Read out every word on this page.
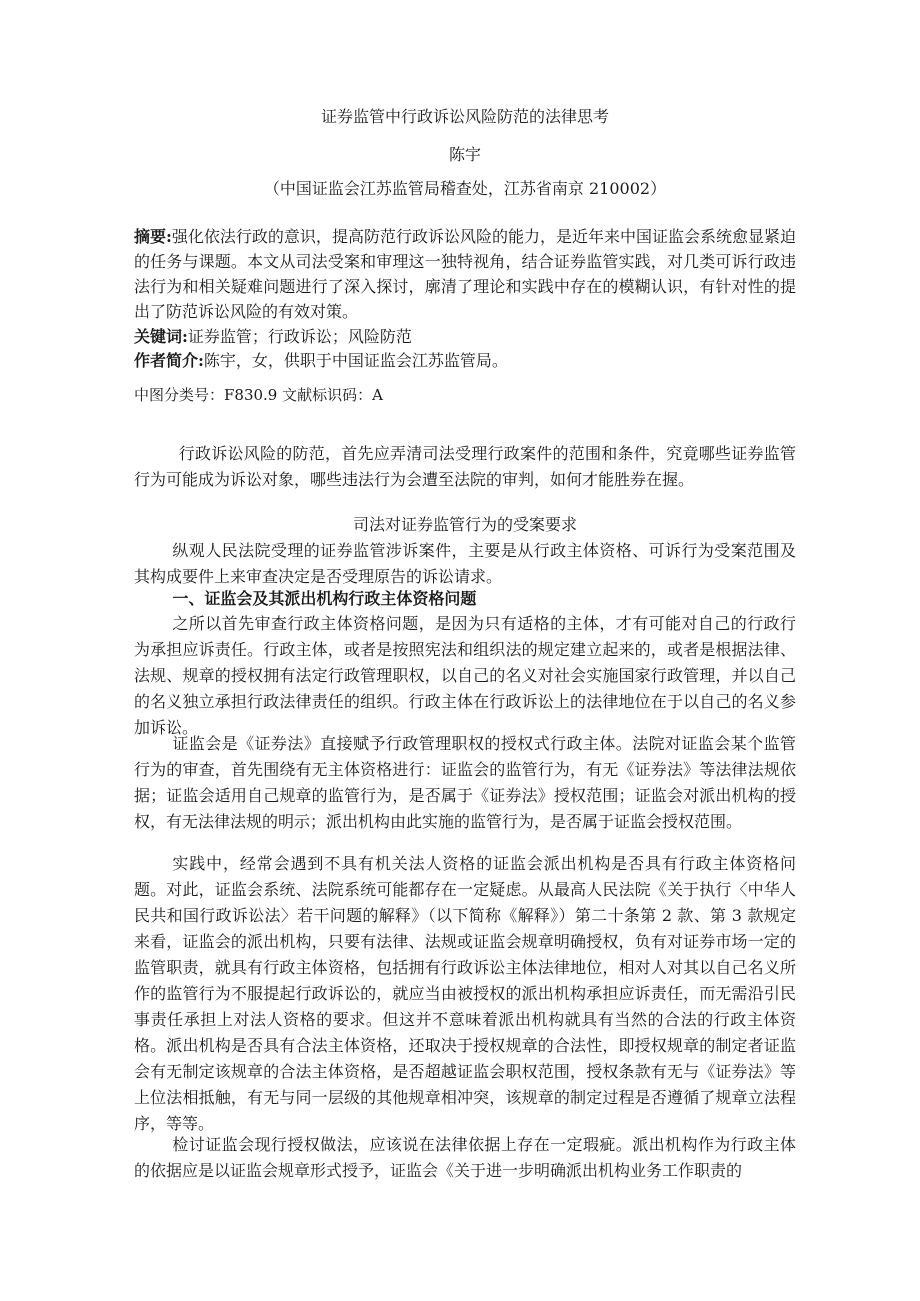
证券监管中行政诉讼风险防范的法律思考
陈宇
（中国证监会江苏监管局稽查处，江苏省南京 210002）
摘要:强化依法行政的意识，提高防范行政诉讼风险的能力，是近年来中国证监会系统愈显紧迫的任务与课题。本文从司法受案和审理这一独特视角，结合证券监管实践，对几类可诉行政违法行为和相关疑难问题进行了深入探讨，廓清了理论和实践中存在的模糊认识，有针对性的提出了防范诉讼风险的有效对策。
关键词:证券监管；行政诉讼；风险防范
作者简介:陈宇，女，供职于中国证监会江苏监管局。
中图分类号：F830.9 文献标识码：A
行政诉讼风险的防范，首先应弄清司法受理行政案件的范围和条件，究竟哪些证券监管行为可能成为诉讼对象，哪些违法行为会遭至法院的审判，如何才能胜券在握。
司法对证券监管行为的受案要求
纵观人民法院受理的证券监管涉诉案件，主要是从行政主体资格、可诉行为受案范围及其构成要件上来审查决定是否受理原告的诉讼请求。
一、证监会及其派出机构行政主体资格问题
之所以首先审查行政主体资格问题，是因为只有适格的主体，才有可能对自己的行政行为承担应诉责任。行政主体，或者是按照宪法和组织法的规定建立起来的，或者是根据法律、法规、规章的授权拥有法定行政管理职权，以自己的名义对社会实施国家行政管理，并以自己的名义独立承担行政法律责任的组织。行政主体在行政诉讼上的法律地位在于以自己的名义参加诉讼。
证监会是《证券法》直接赋予行政管理职权的授权式行政主体。法院对证监会某个监管行为的审查，首先围绕有无主体资格进行：证监会的监管行为，有无《证券法》等法律法规依据；证监会适用自己规章的监管行为，是否属于《证券法》授权范围；证监会对派出机构的授权，有无法律法规的明示；派出机构由此实施的监管行为，是否属于证监会授权范围。
实践中，经常会遇到不具有机关法人资格的证监会派出机构是否具有行政主体资格问题。对此，证监会系统、法院系统可能都存在一定疑虑。从最高人民法院《关于执行〈中华人民共和国行政诉讼法〉若干问题的解释》（以下简称《解释》）第二十条第 2 款、第 3 款规定来看，证监会的派出机构，只要有法律、法规或证监会规章明确授权，负有对证券市场一定的监管职责，就具有行政主体资格，包括拥有行政诉讼主体法律地位，相对人对其以自己名义所作的监管行为不服提起行政诉讼的，就应当由被授权的派出机构承担应诉责任，而无需沿引民事责任承担上对法人资格的要求。但这并不意味着派出机构就具有当然的合法的行政主体资格。派出机构是否具有合法主体资格，还取决于授权规章的合法性，即授权规章的制定者证监会有无制定该规章的合法主体资格，是否超越证监会职权范围，授权条款有无与《证券法》等上位法相抵触，有无与同一层级的其他规章相冲突，该规章的制定过程是否遵循了规章立法程序，等等。
检讨证监会现行授权做法，应该说在法律依据上存在一定瑕疵。派出机构作为行政主体的依据应是以证监会规章形式授予，证监会《关于进一步明确派出机构业务工作职责的
